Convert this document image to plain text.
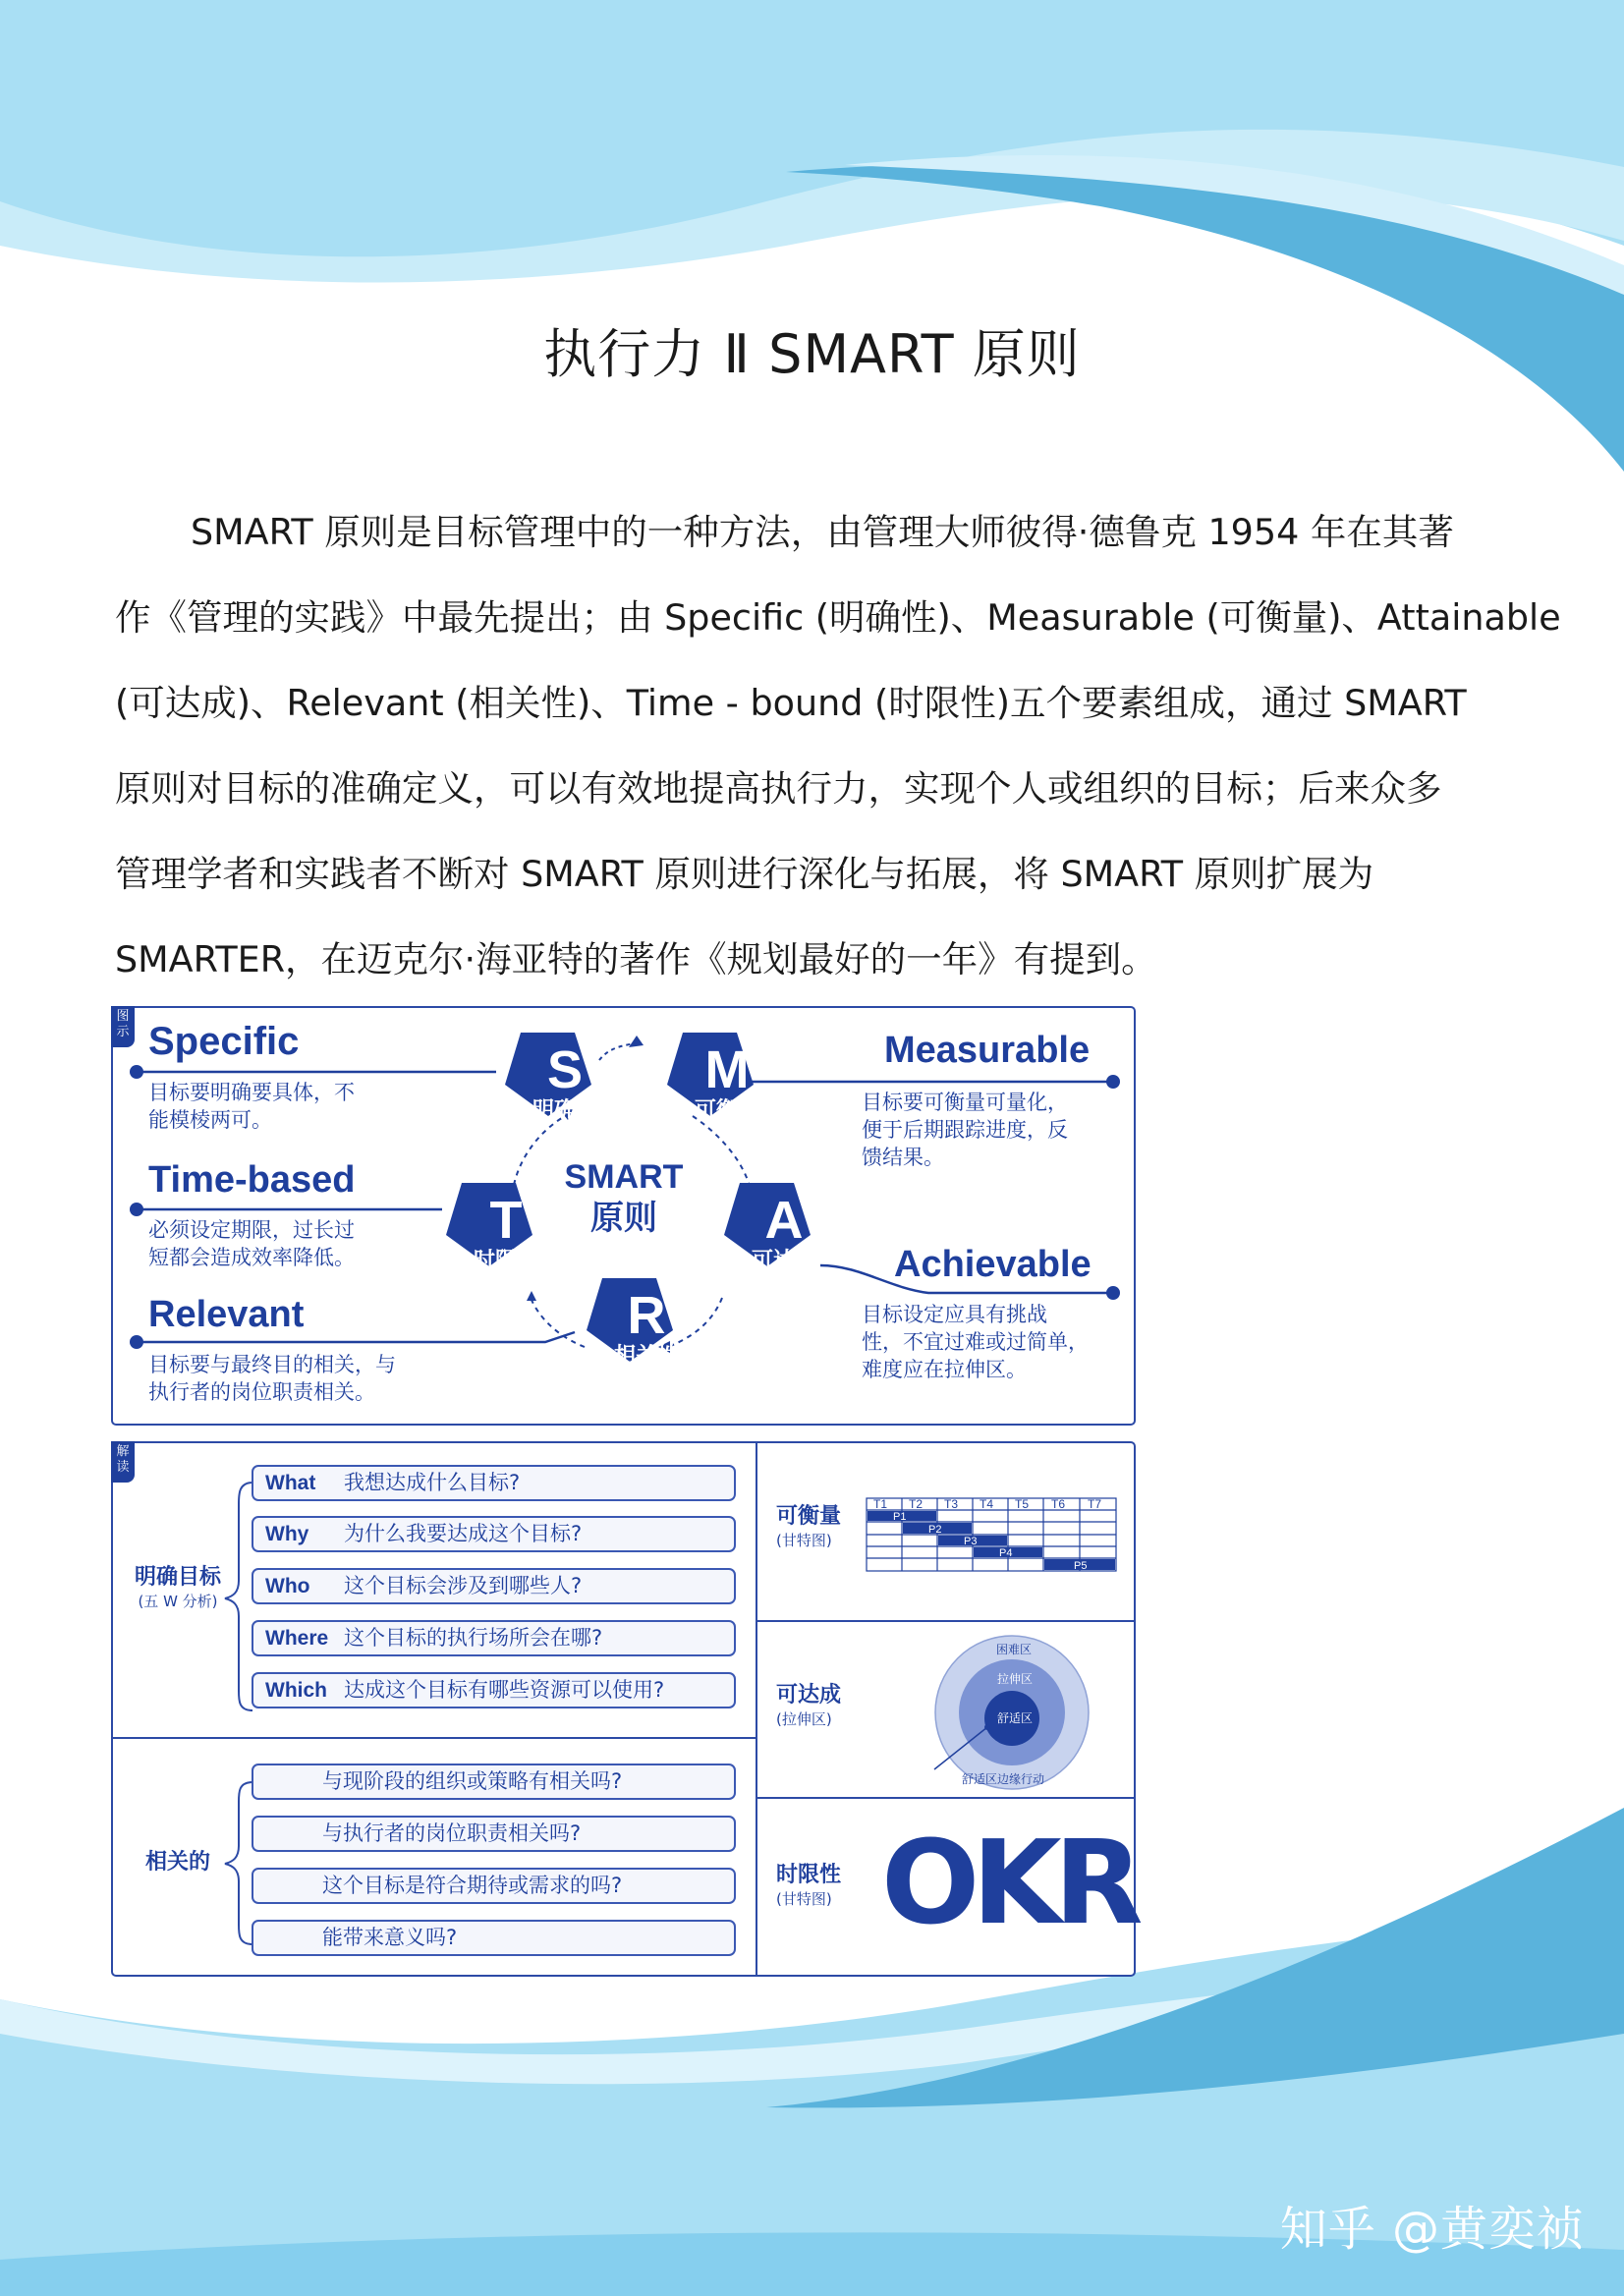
执行力 Ⅱ SMART 原则
SMART 原则是目标管理中的一种方法，由管理大师彼得·德鲁克 1954 年在其著
作《管理的实践》中最先提出；由 Specific (明确性)、Measurable (可衡量)、Attainable
(可达成)、Relevant (相关性)、Time - bound (时限性)五个要素组成，通过 SMART
原则对目标的准确定义，可以有效地提高执行力，实现个人或组织的目标；后来众多
管理学者和实践者不断对 SMART 原则进行深化与拓展，将 SMART 原则扩展为
SMARTER，在迈克尔·海亚特的著作《规划最好的一年》有提到。
图示
S
明确性
M
可衡量
T
时限性
A
可达成
R
相关性
SMART
原则
Specific
目标要明确要具体，不
能模棱两可。
Measurable
目标要可衡量可量化，
便于后期跟踪进度，反
馈结果。
Time-based
必须设定期限，过长过
短都会造成效率降低。	Achievable
目标设定应具有挑战
性，不宜过难或过简单，
难度应在拉伸区。
Relevant
目标要与最终目的相关，与
执行者的岗位职责相关。
解读
明确目标
(五 W 分析)
What 我想达成什么目标?
Why 为什么我要达成这个目标?
Who 这个目标会涉及到哪些人?
Where 这个目标的执行场所会在哪?
Which 达成这个目标有哪些资源可以使用?
相关的
与现阶段的组织或策略有相关吗?
与执行者的岗位职责相关吗?
这个目标是符合期待或需求的吗?
能带来意义吗?
可衡量
(甘特图)
T1 T2 T3 T4 T5 T6 T7
P1
P2
P3
P4
P5
可达成
(拉伸区)
困难区
拉伸区
舒适区
舒适区边缘行动
时限性
(甘特图) OKR
知乎 @黄奕祯
